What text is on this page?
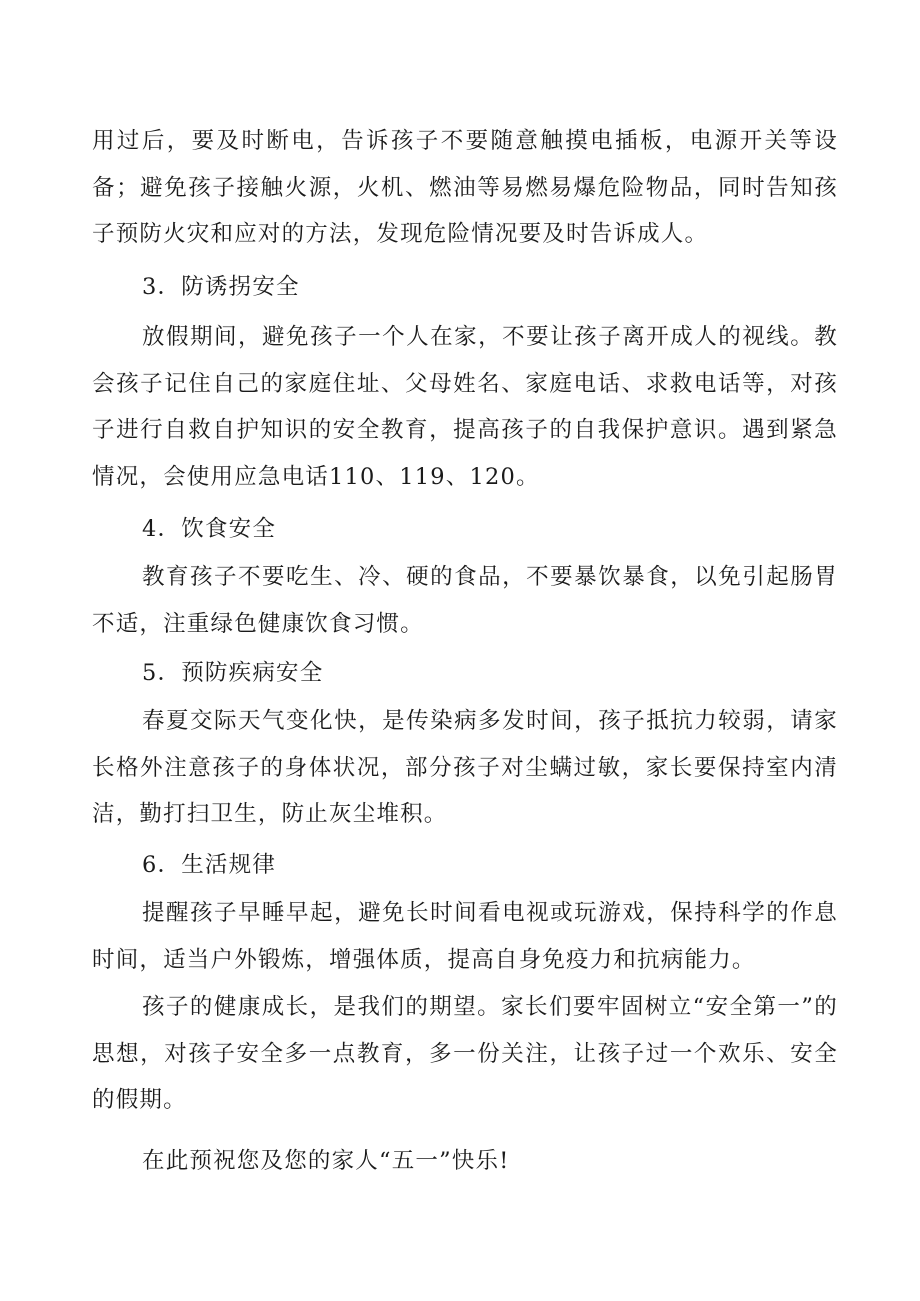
用过后，要及时断电，告诉孩子不要随意触摸电插板，电源开关等设备；避免孩子接触火源，火机、燃油等易燃易爆危险物品，同时告知孩子预防火灾和应对的方法，发现危险情况要及时告诉成人。

3．防诱拐安全

放假期间，避免孩子一个人在家，不要让孩子离开成人的视线。教会孩子记住自己的家庭住址、父母姓名、家庭电话、求救电话等，对孩子进行自救自护知识的安全教育，提高孩子的自我保护意识。遇到紧急情况，会使用应急电话110、119、120。

4．饮食安全

教育孩子不要吃生、冷、硬的食品，不要暴饮暴食，以免引起肠胃不适，注重绿色健康饮食习惯。

5．预防疾病安全

春夏交际天气变化快，是传染病多发时间，孩子抵抗力较弱，请家长格外注意孩子的身体状况，部分孩子对尘螨过敏，家长要保持室内清洁，勤打扫卫生，防止灰尘堆积。

6．生活规律

提醒孩子早睡早起，避免长时间看电视或玩游戏，保持科学的作息时间，适当户外锻炼，增强体质，提高自身免疫力和抗病能力。

孩子的健康成长，是我们的期望。家长们要牢固树立“安全第一”的思想，对孩子安全多一点教育，多一份关注，让孩子过一个欢乐、安全的假期。

在此预祝您及您的家人“五一”快乐!
